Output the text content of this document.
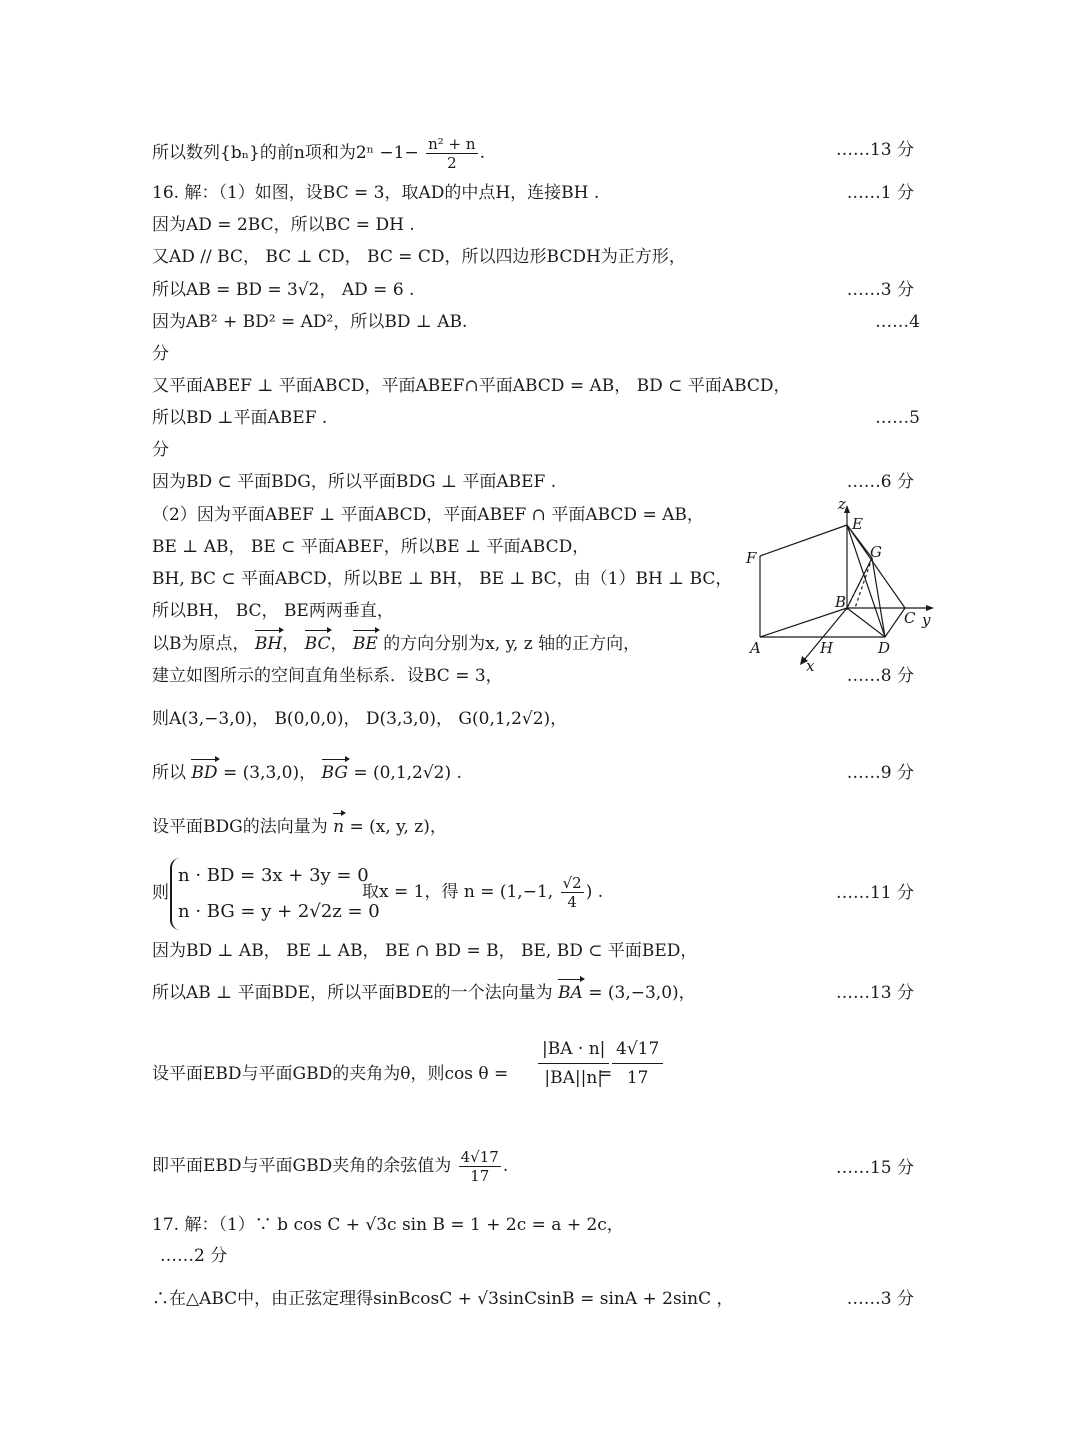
所以数列{bₙ}的前n项和为$2^n -1- \frac{\text{n² + n}}{2}$ .	……13 分
16. 解：（1）如图，设BC = 3，取AD的中点H，连接BH .	……1 分
因为AD = 2BC，所以BC = DH .
又AD // BC， BC ⊥ CD， BC = CD，所以四边形BCDH为正方形，
所以AB = BD = 3√2， AD = 6 .	……3 分
因为AB² + BD² = AD²，所以BD ⊥ AB.	……4
分
又平面ABEF ⊥ 平面ABCD，平面ABEF∩平面ABCD = AB， BD ⊂ 平面ABCD，
所以BD ⊥平面ABEF .	……5
分
因为BD ⊂ 平面BDG，所以平面BDG ⊥ 平面ABEF .	……6 分
（2）因为平面ABEF ⊥ 平面ABCD，平面ABEF ∩ 平面ABCD = AB，
BE ⊥ AB， BE ⊂ 平面ABEF，所以BE ⊥ 平面ABCD，
BH, BC ⊂ 平面ABCD，所以BE ⊥ BH， BE ⊥ BC，由（1）BH ⊥ BC，
所以BH， BC， BE两两垂直，
以B为原点， BH， BC， BE 的方向分别为x, y, z 轴的正方向，
建立如图所示的空间直角坐标系．设BC = 3，	……8 分
则A(3,−3,0)， B(0,0,0)， D(3,3,0)， G(0,1,2√2)，
所以 BD = (3,3,0)， BG = (0,1,2√2) .	……9 分
设平面BDG的法向量为 n = (x, y, z)，
则
n · BD = 3x + 3y = 0
n · BG = y + 2√2z = 0
取x = 1，得 n = (1,−1, $\frac{√2}{4}$ ) .	……11 分
因为BD ⊥ AB， BE ⊥ AB， BE ∩ BD = B， BE, BD ⊂ 平面BED，
所以AB ⊥ 平面BDE，所以平面BDE的一个法向量为 BA = (3,−3,0)，	……13 分
设平面EBD与平面GBD的夹角为θ，则$\cos \theta = \frac{|BA \cdot n|}{|BA||n|}$
= $\frac{4√17}{17}$
即平面EBD与平面GBD夹角的余弦值为 $\frac{4√17}{17}$ .	……15 分
17. 解：（1）∵ b cos C + √3c sin B = 1 + 2c = a + 2c，
……2 分
∴在△ABC中，由正弦定理得sinBcosC + √3sinCsinB = sinA + 2sinC ，	……3 分
z
E
G
F
B
C y
A	H	D
x
